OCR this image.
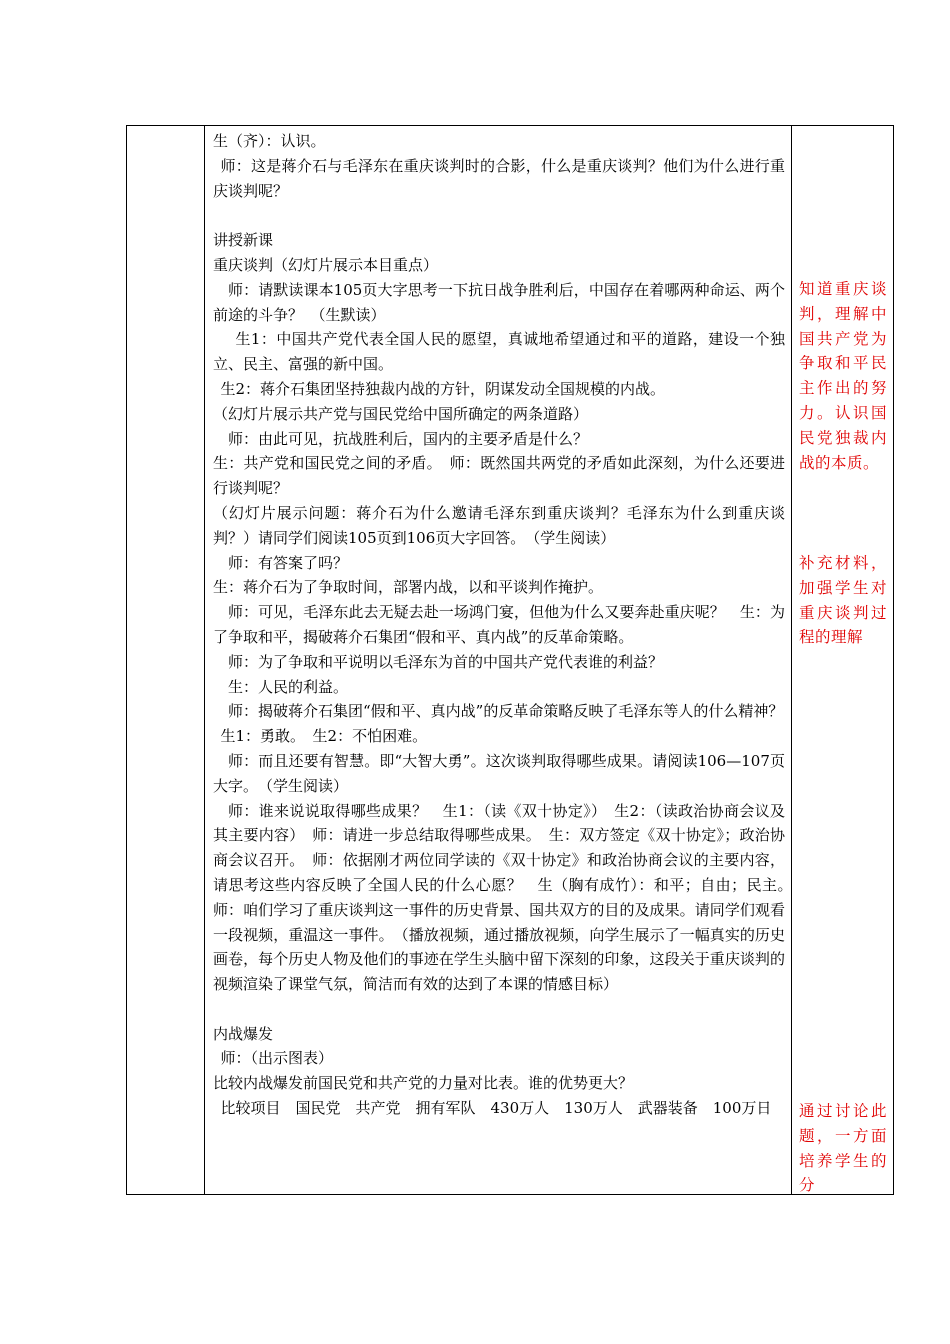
生（齐）：认识。

师：这是蒋介石与毛泽东在重庆谈判时的合影，什么是重庆谈判？他们为什么进行重庆谈判呢？

讲授新课

重庆谈判（幻灯片展示本目重点）

师：请默读课本105页大字思考一下抗日战争胜利后，中国存在着哪两种命运、两个前途的斗争？　（生默读）

生1：中国共产党代表全国人民的愿望，真诚地希望通过和平的道路，建设一个独立、民主、富强的新中国。

生2：蒋介石集团坚持独裁内战的方针，阴谋发动全国规模的内战。

（幻灯片展示共产党与国民党给中国所确定的两条道路）

师：由此可见，抗战胜利后，国内的主要矛盾是什么？

生：共产党和国民党之间的矛盾。　师：既然国共两党的矛盾如此深刻，为什么还要进行谈判呢？

（幻灯片展示问题：蒋介石为什么邀请毛泽东到重庆谈判？毛泽东为什么到重庆谈判？）请同学们阅读105页到106页大字回答。　（学生阅读）

师：有答案了吗？

生：蒋介石为了争取时间，部署内战，以和平谈判作掩护。

师：可见，毛泽东此去无疑去赴一场鸿门宴，但他为什么又要奔赴重庆呢？　生：为了争取和平，揭破蒋介石集团“假和平、真内战”的反革命策略。

师：为了争取和平说明以毛泽东为首的中国共产党代表谁的利益？

生：人民的利益。

师：揭破蒋介石集团“假和平、真内战”的反革命策略反映了毛泽东等人的什么精神？

生1：勇敢。　生2：不怕困难。

师：而且还要有智慧。即“大智大勇”。这次谈判取得哪些成果。请阅读106—107页大字。　（学生阅读）

师：谁来说说取得哪些成果？　生1：（读《双十协定》）　生2：（读政治协商会议及其主要内容）　师：请进一步总结取得哪些成果。　生：双方签定《双十协定》；政治协商会议召开。　师：依据刚才两位同学读的《双十协定》和政治协商会议的主要内容，请思考这些内容反映了全国人民的什么心愿？　生（胸有成竹）：和平；自由；民主。　师：咱们学习了重庆谈判这一事件的历史背景、国共双方的目的及成果。请同学们观看一段视频，重温这一事件。　（播放视频，通过播放视频，向学生展示了一幅真实的历史画卷，每个历史人物及他们的事迹在学生头脑中留下深刻的印象，这段关于重庆谈判的视频渲染了课堂气氛，简洁而有效的达到了本课的情感目标）

内战爆发

师：（出示图表）

比较内战爆发前国民党和共产党的力量对比表。谁的优势更大？

比较项目　国民党　共产党　拥有军队　430万人　130万人　武器装备　100万日

知道重庆谈判，理解中国共产党为争取和平民主作出的努力。认识国民党独裁内战的本质。

补充材料，加强学生对重庆谈判过程的理解

通过讨论此题，一方面培养学生的分
